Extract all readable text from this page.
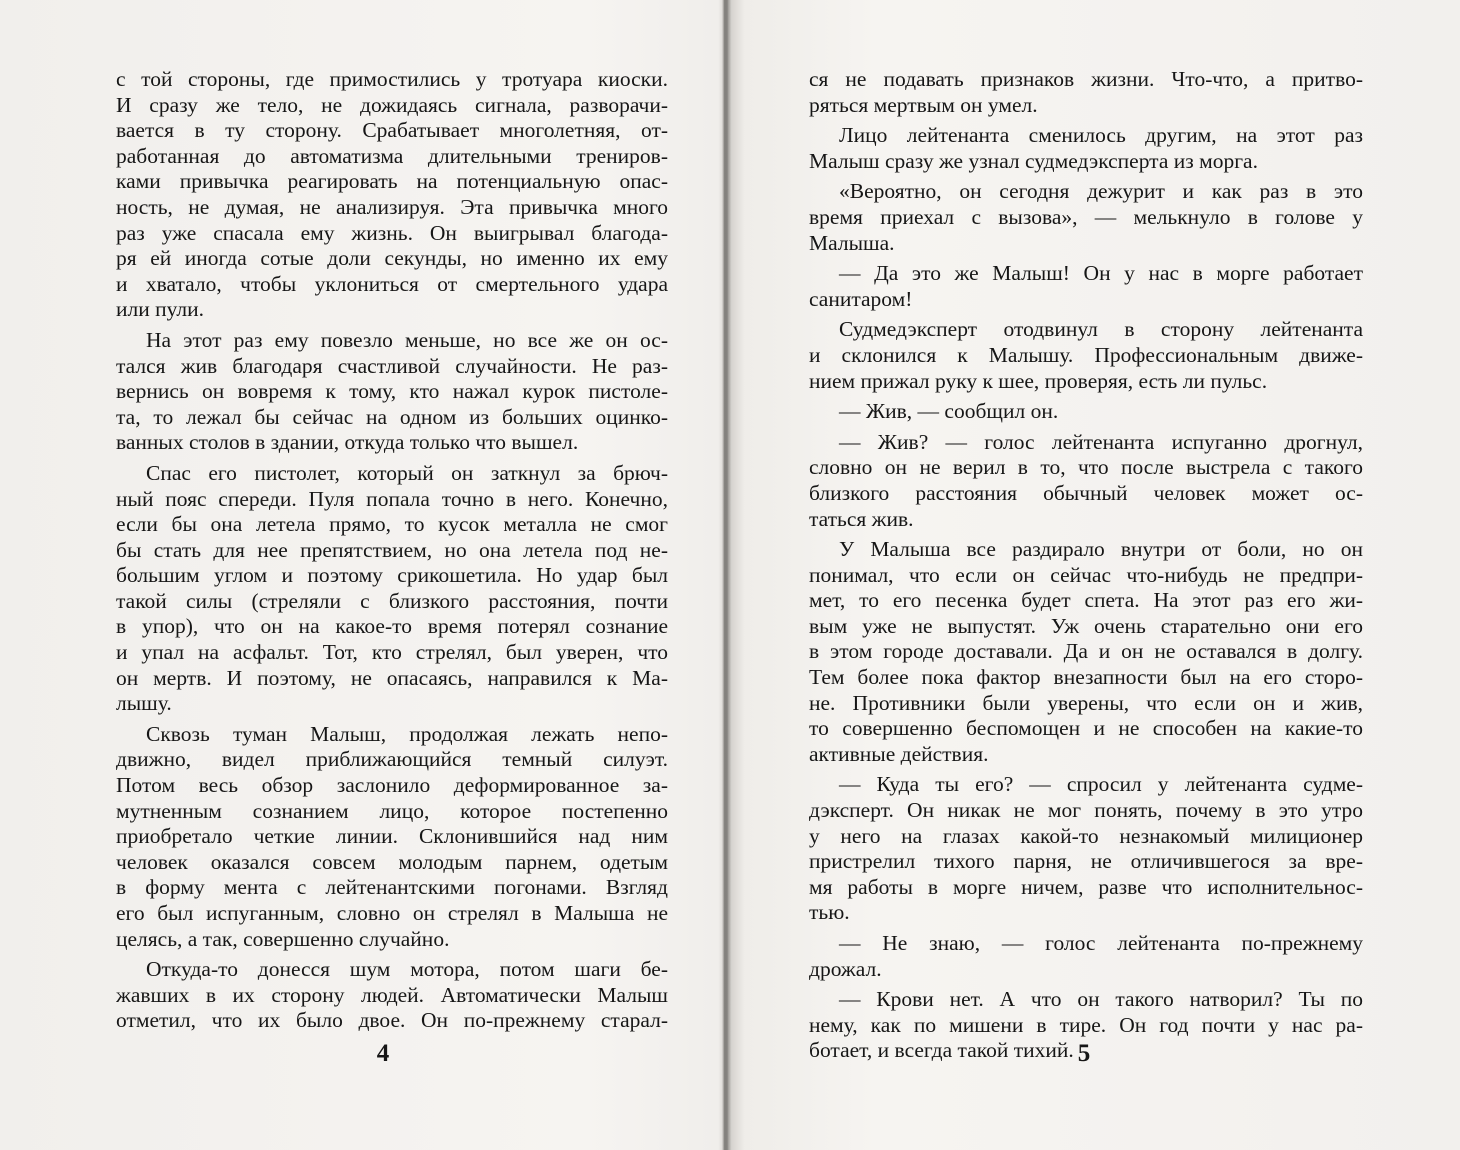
с той стороны, где примостились у тротуара киоски.
И сразу же тело, не дожидаясь сигнала, разворачи-
вается в ту сторону. Срабатывает многолетняя, от-
работанная до автоматизма длительными трениров-
ками привычка реагировать на потенциальную опас-
ность, не думая, не анализируя. Эта привычка много
раз уже спасала ему жизнь. Он выигрывал благода-
ря ей иногда сотые доли секунды, но именно их ему
и хватало, чтобы уклониться от смертельного удара
или пули.
На этот раз ему повезло меньше, но все же он ос-
тался жив благодаря счастливой случайности. Не раз-
вернись он вовремя к тому, кто нажал курок пистоле-
та, то лежал бы сейчас на одном из больших оцинко-
ванных столов в здании, откуда только что вышел.
Спас его пистолет, который он заткнул за брюч-
ный пояс спереди. Пуля попала точно в него. Конечно,
если бы она летела прямо, то кусок металла не смог
бы стать для нее препятствием, но она летела под не-
большим углом и поэтому срикошетила. Но удар был
такой силы (стреляли с близкого расстояния, почти
в упор), что он на какое-то время потерял сознание
и упал на асфальт. Тот, кто стрелял, был уверен, что
он мертв. И поэтому, не опасаясь, направился к Ма-
лышу.
Сквозь туман Малыш, продолжая лежать непо-
движно, видел приближающийся темный силуэт.
Потом весь обзор заслонило деформированное за-
мутненным сознанием лицо, которое постепенно
приобретало четкие линии. Склонившийся над ним
человек оказался совсем молодым парнем, одетым
в форму мента с лейтенантскими погонами. Взгляд
его был испуганным, словно он стрелял в Малыша не
целясь, а так, совершенно случайно.
Откуда-то донесся шум мотора, потом шаги бе-
жавших в их сторону людей. Автоматически Малыш
отметил, что их было двое. Он по-прежнему старал-
4
ся не подавать признаков жизни. Что-что, а притво-
ряться мертвым он умел.
Лицо лейтенанта сменилось другим, на этот раз
Малыш сразу же узнал судмедэксперта из морга.
«Вероятно, он сегодня дежурит и как раз в это
время приехал с вызова», — мелькнуло в голове у
Малыша.
— Да это же Малыш! Он у нас в морге работает
санитаром!
Судмедэксперт отодвинул в сторону лейтенанта
и склонился к Малышу. Профессиональным движе-
нием прижал руку к шее, проверяя, есть ли пульс.
— Жив, — сообщил он.
— Жив? — голос лейтенанта испуганно дрогнул,
словно он не верил в то, что после выстрела с такого
близкого расстояния обычный человек может ос-
таться жив.
У Малыша все раздирало внутри от боли, но он
понимал, что если он сейчас что-нибудь не предпри-
мет, то его песенка будет спета. На этот раз его жи-
вым уже не выпустят. Уж очень старательно они его
в этом городе доставали. Да и он не оставался в долгу.
Тем более пока фактор внезапности был на его сторо-
не. Противники были уверены, что если он и жив,
то совершенно беспомощен и не способен на какие-то
активные действия.
— Куда ты его? — спросил у лейтенанта судме-
дэксперт. Он никак не мог понять, почему в это утро
у него на глазах какой-то незнакомый милиционер
пристрелил тихого парня, не отличившегося за вре-
мя работы в морге ничем, разве что исполнительнос-
тью.
— Не знаю, — голос лейтенанта по-прежнему
дрожал.
— Крови нет. А что он такого натворил? Ты по
нему, как по мишени в тире. Он год почти у нас ра-
ботает, и всегда такой тихий. 5
